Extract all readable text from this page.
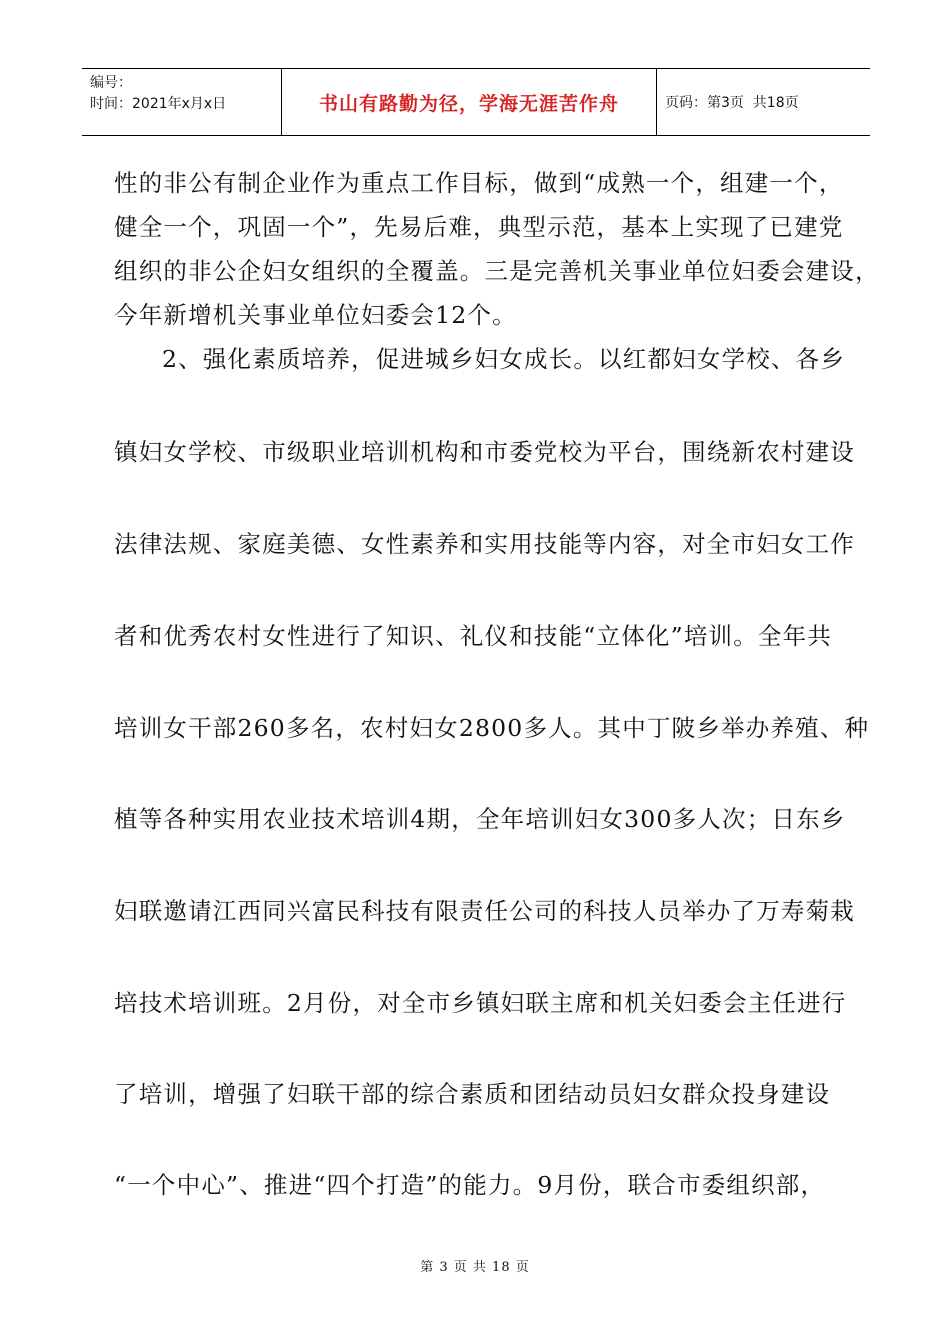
编号：
时间：2021年x月x日	书山有路勤为径，学海无涯苦作舟	页码：第3页  共18页
性的非公有制企业作为重点工作目标，做到“成熟一个，组建一个，
健全一个，巩固一个”，先易后难，典型示范，基本上实现了已建党
组织的非公企妇女组织的全覆盖。三是完善机关事业单位妇委会建设，
今年新增机关事业单位妇委会12个。
2、强化素质培养，促进城乡妇女成长。以红都妇女学校、各乡
镇妇女学校、市级职业培训机构和市委党校为平台，围绕新农村建设
法律法规、家庭美德、女性素养和实用技能等内容，对全市妇女工作
者和优秀农村女性进行了知识、礼仪和技能“立体化”培训。全年共
培训女干部260多名，农村妇女2800多人。其中丁陂乡举办养殖、种
植等各种实用农业技术培训4期，全年培训妇女300多人次；日东乡
妇联邀请江西同兴富民科技有限责任公司的科技人员举办了万寿菊栽
培技术培训班。2月份，对全市乡镇妇联主席和机关妇委会主任进行
了培训，增强了妇联干部的综合素质和团结动员妇女群众投身建设
“一个中心”、推进“四个打造”的能力。9月份，联合市委组织部，
第 3 页 共 18 页
